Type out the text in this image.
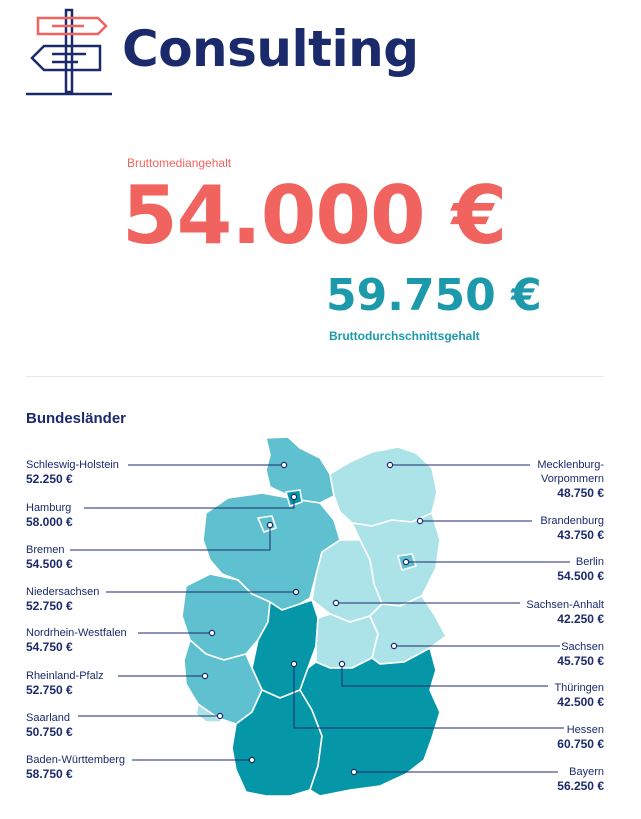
Consulting
Bruttomediangehalt
54.000 €
59.750 €
Bruttodurchschnittsgehalt
Bundesländer
Schleswig-Holstein
52.250 €
Hamburg
58.000 €
Bremen
54.500 €
Niedersachsen
52.750 €
Nordrhein-Westfalen
54.750 €
Rheinland-Pfalz
52.750 €
Saarland
50.750 €
Baden-Württemberg
58.750 €
Mecklenburg-
Vorpommern
48.750 €
Brandenburg
43.750 €
Berlin
54.500 €
Sachsen-Anhalt
42.250 €
Sachsen
45.750 €
Thüringen
42.500 €
Hessen
60.750 €
Bayern
56.250 €
